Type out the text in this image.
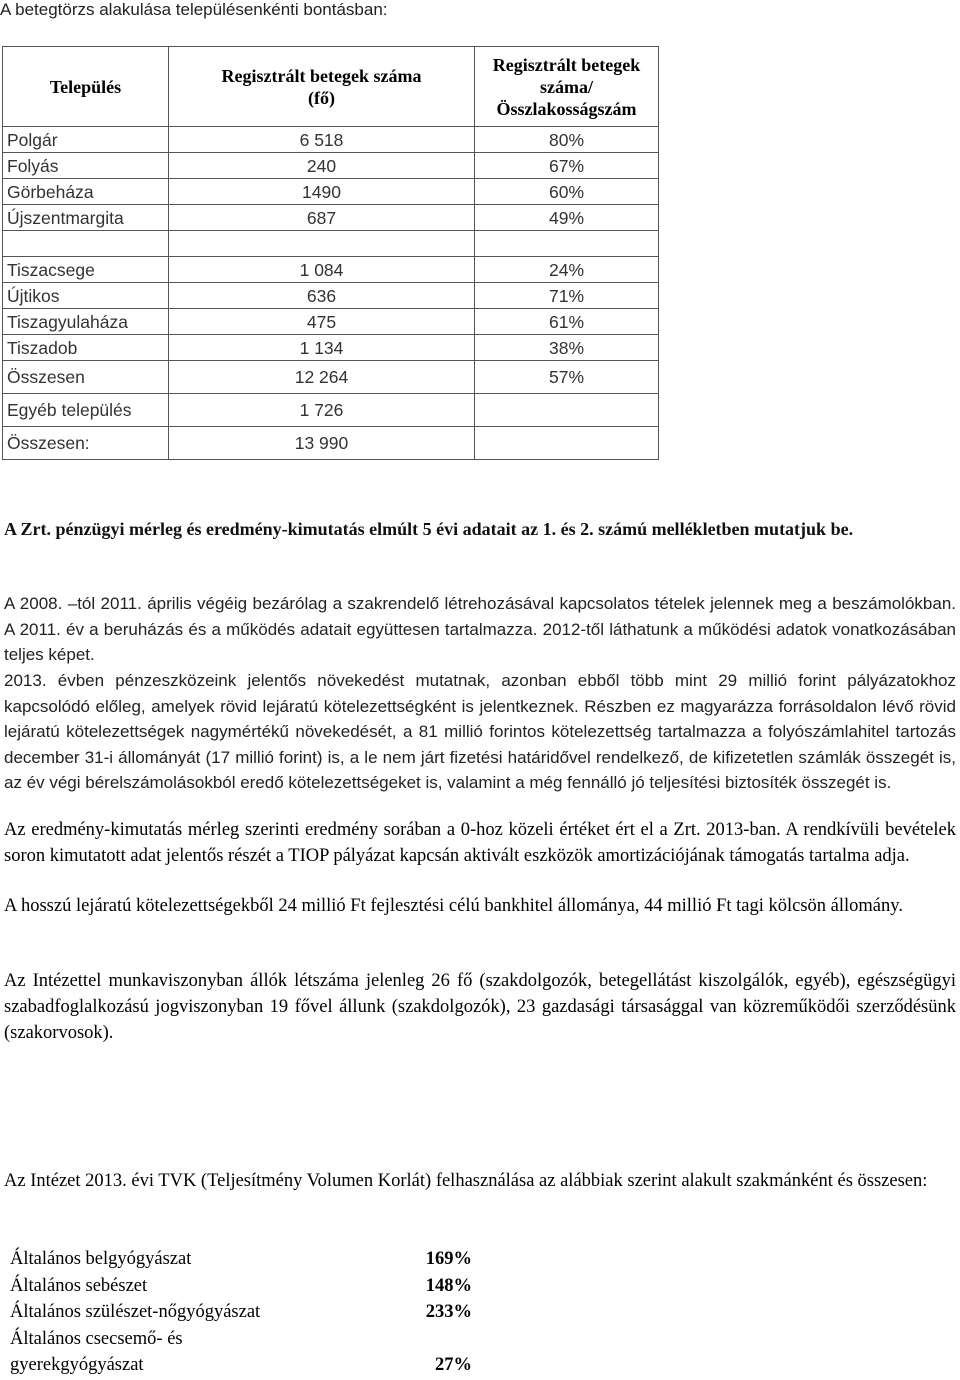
A betegtörzs alakulása településenkénti bontásban:
Település	Regisztrált betegek száma (fő)	Regisztrált betegek száma/ Összlakosságszám
Polgár	6 518	80%
Folyás	240	67%
Görbeháza	1490	60%
Újszentmargita	687	49%

Tiszacsege	1 084	24%
Újtikos	636	71%
Tiszagyulaháza	475	61%
Tiszadob	1 134	38%
Összesen	12 264	57%
Egyéb település	1 726	
Összesen:	13 990	
A Zrt. pénzügyi mérleg és eredmény-kimutatás elmúlt 5 évi adatait az 1. és 2. számú mellékletben mutatjuk be.
A 2008. –tól 2011. április végéig bezárólag a szakrendelő létrehozásával kapcsolatos tételek jelennek meg a beszámolókban. A 2011. év a beruházás és a működés adatait együttesen tartalmazza. 2012-től láthatunk a működési adatok vonatkozásában teljes képet.
2013. évben pénzeszközeink jelentős növekedést mutatnak, azonban ebből több mint 29 millió forint pályázatokhoz kapcsolódó előleg, amelyek rövid lejáratú kötelezettségként is jelentkeznek. Részben ez magyarázza forrásoldalon lévő rövid lejáratú kötelezettségek nagymértékű növekedését, a 81 millió forintos kötelezettség tartalmazza a folyószámlahitel tartozás december 31-i állományát (17 millió forint) is, a le nem járt fizetési határidővel rendelkező, de kifizetetlen számlák összegét is, az év végi bérelszámolásokból eredő kötelezettségeket is, valamint a még fennálló jó teljesítési biztosíték összegét is.
Az eredmény-kimutatás mérleg szerinti eredmény sorában a 0-hoz közeli értéket ért el a Zrt. 2013-ban. A rendkívüli bevételek soron kimutatott adat jelentős részét a TIOP pályázat kapcsán aktivált eszközök amortizációjának támogatás tartalma adja.
A hosszú lejáratú kötelezettségekből 24 millió Ft fejlesztési célú bankhitel állománya, 44 millió Ft tagi kölcsön állomány.
Az Intézettel munkaviszonyban állók létszáma jelenleg 26 fő (szakdolgozók, betegellátást kiszolgálók, egyéb), egészségügyi szabadfoglalkozású jogviszonyban 19 fővel állunk (szakdolgozók), 23 gazdasági társasággal van közreműködői szerződésünk (szakorvosok).
Az Intézet 2013. évi TVK (Teljesítmény Volumen Korlát) felhasználása az alábbiak szerint alakult szakmánként és összesen:
Általános belgyógyászat	169%
Általános sebészet	148%
Általános szülészet-nőgyógyászat	233%
Általános csecsemő- és
gyerekgyógyászat	27%
